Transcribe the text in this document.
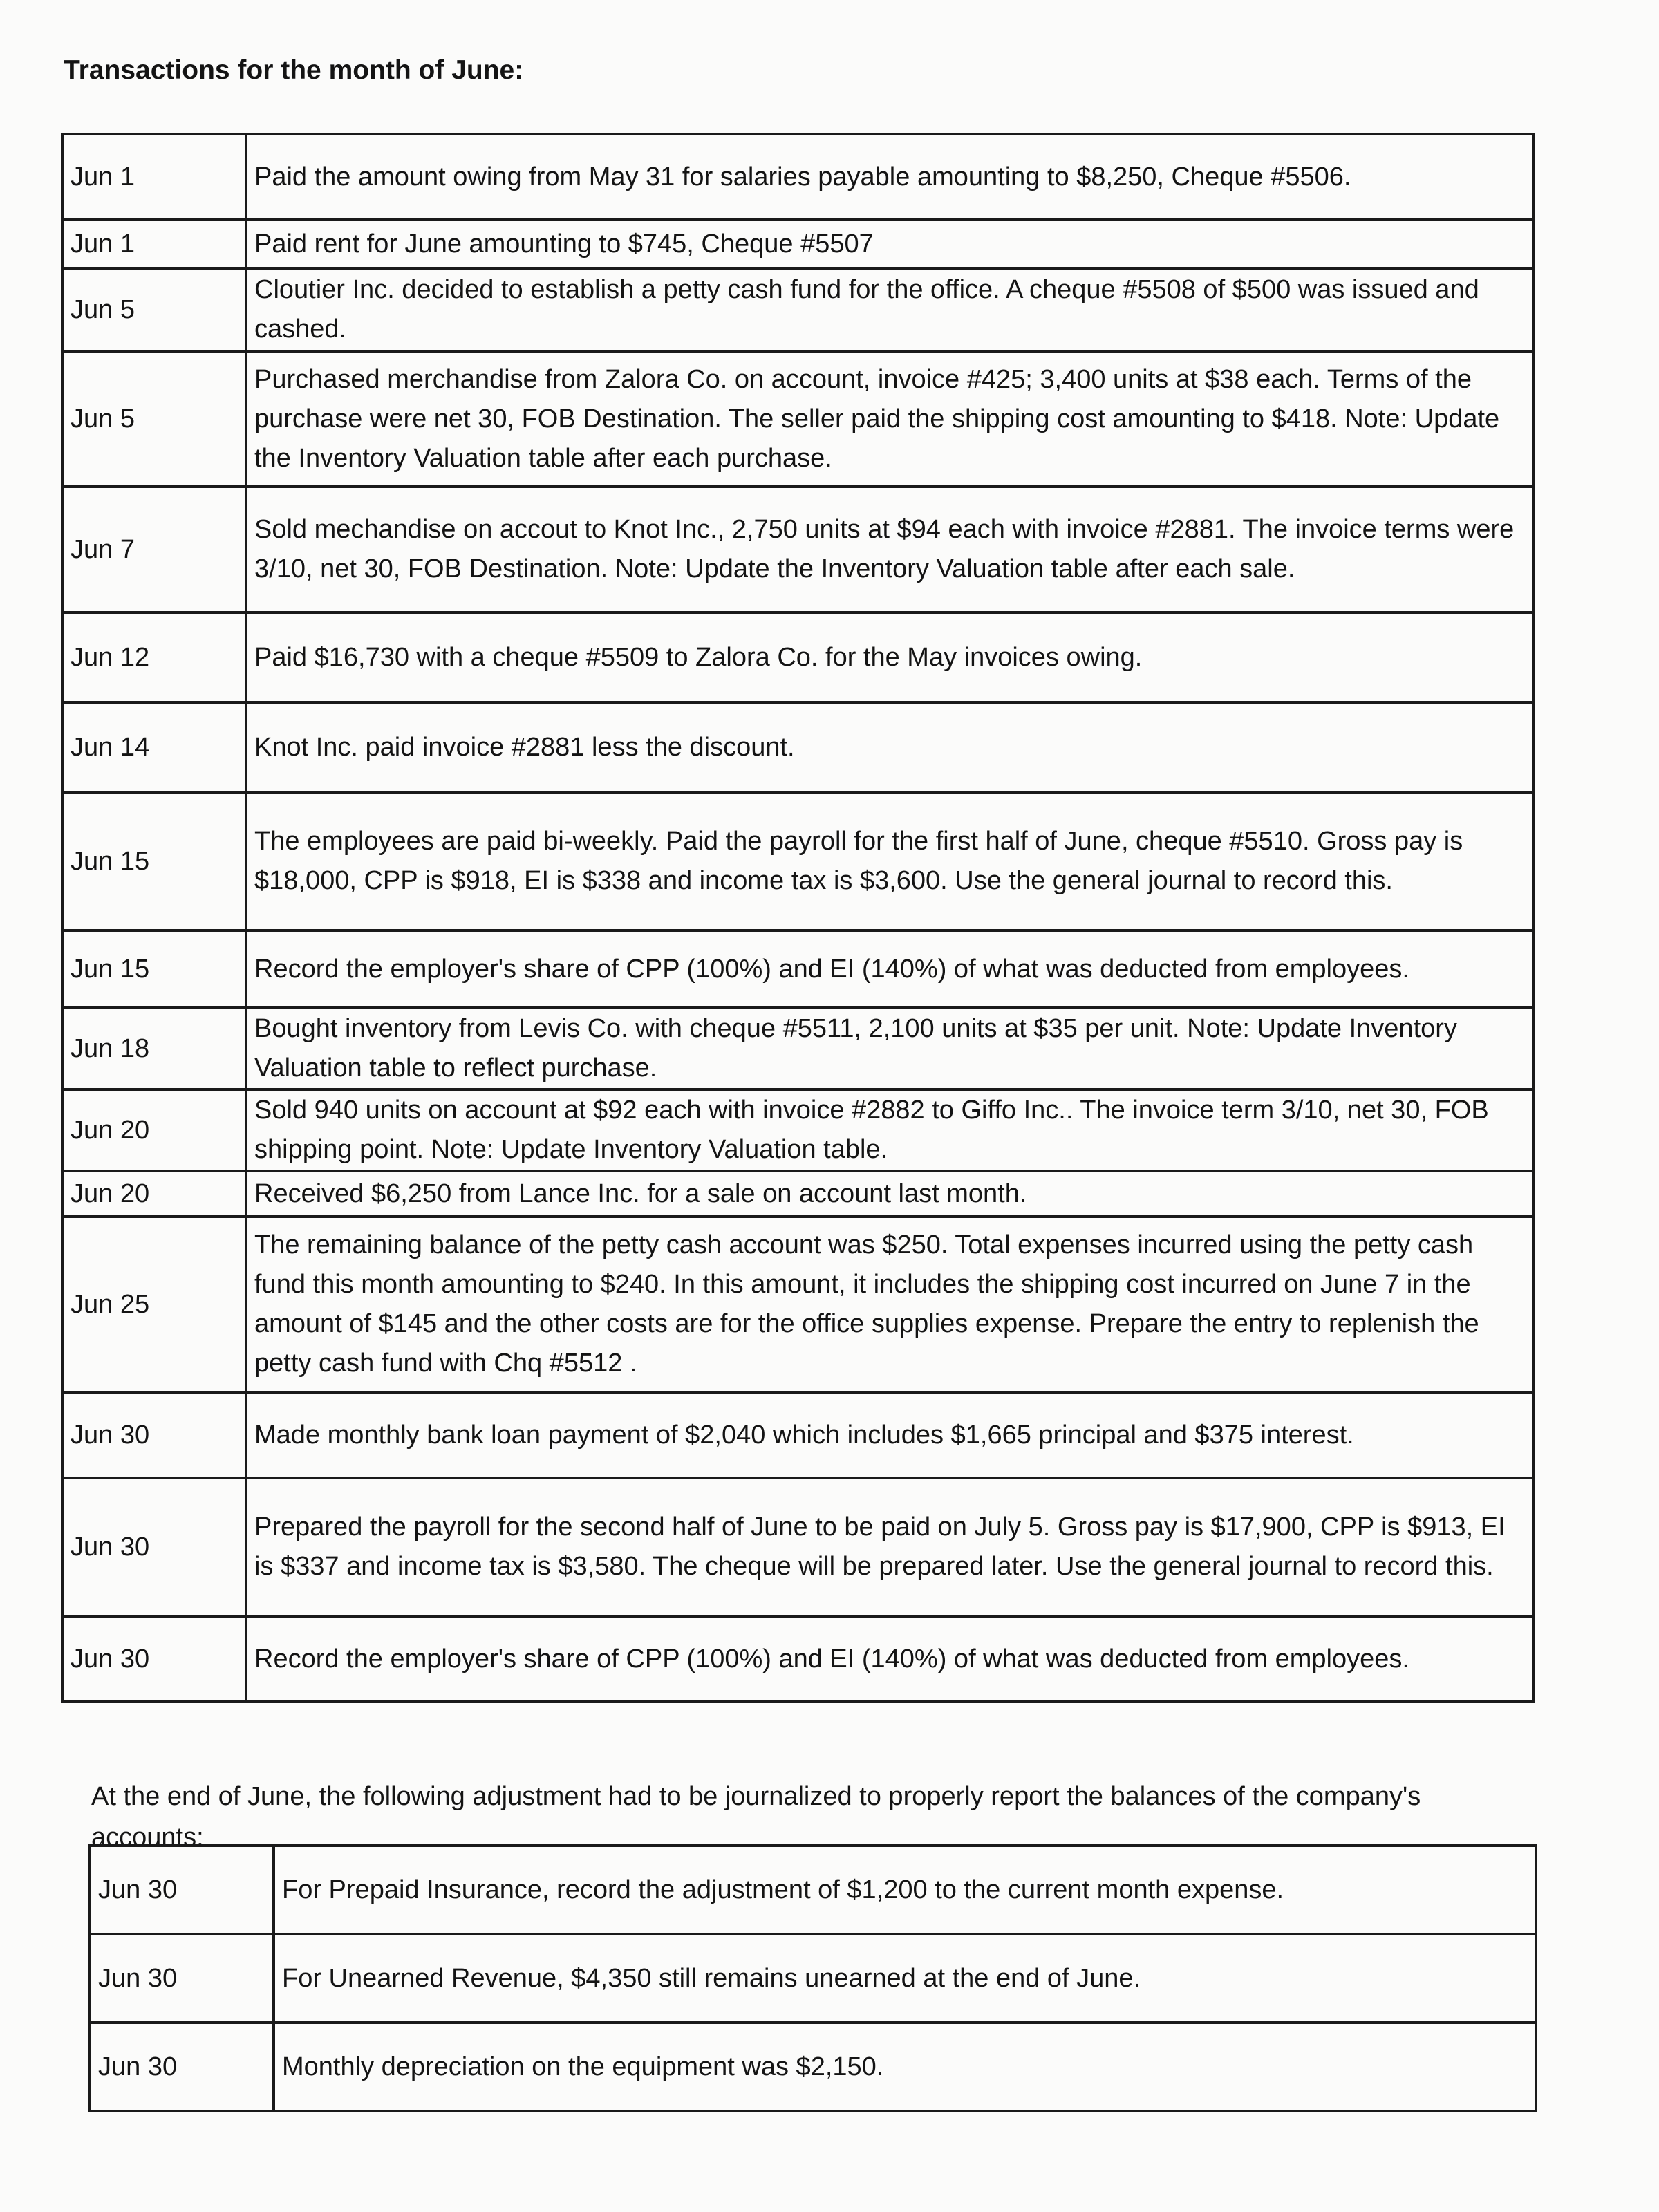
Transactions for the month of June:
Jun 1	Paid the amount owing from May 31 for salaries payable amounting to $8,250, Cheque #5506.
Jun 1	Paid rent for June amounting to $745, Cheque #5507
Jun 5	Cloutier Inc. decided to establish a petty cash fund for the office. A cheque #5508 of $500 was issued and cashed.
Jun 5	Purchased merchandise from Zalora Co. on account, invoice #425; 3,400 units at $38 each. Terms of the purchase were net 30, FOB Destination. The seller paid the shipping cost amounting to $418. Note: Update the Inventory Valuation table after each purchase.
Jun 7	Sold mechandise on accout to Knot Inc., 2,750 units at $94 each with invoice #2881. The invoice terms were 3/10, net 30, FOB Destination. Note: Update the Inventory Valuation table after each sale.
Jun 12	Paid $16,730 with a cheque #5509 to Zalora Co. for the May invoices owing.
Jun 14	Knot Inc. paid invoice #2881 less the discount.
Jun 15	The employees are paid bi-weekly. Paid the payroll for the first half of June, cheque #5510. Gross pay is $18,000, CPP is $918, EI is $338 and income tax is $3,600. Use the general journal to record this.
Jun 15	Record the employer's share of CPP (100%) and EI (140%) of what was deducted from employees.
Jun 18	Bought inventory from Levis Co. with cheque #5511, 2,100 units at $35 per unit. Note: Update Inventory Valuation table to reflect purchase.
Jun 20	Sold 940 units on account at $92 each with invoice #2882 to Giffo Inc.. The invoice term 3/10, net 30, FOB shipping point. Note: Update Inventory Valuation table.
Jun 20	Received $6,250 from Lance Inc. for a sale on account last month.
Jun 25	The remaining balance of the petty cash account was $250. Total expenses incurred using the petty cash fund this month amounting to $240. In this amount, it includes the shipping cost incurred on June 7 in the amount of $145 and the other costs are for the office supplies expense. Prepare the entry to replenish the petty cash fund with Chq #5512 .
Jun 30	Made monthly bank loan payment of $2,040 which includes $1,665 principal and $375 interest.
Jun 30	Prepared the payroll for the second half of June to be paid on July 5. Gross pay is $17,900, CPP is $913, EI is $337 and income tax is $3,580. The cheque will be prepared later. Use the general journal to record this.
Jun 30	Record the employer's share of CPP (100%) and EI (140%) of what was deducted from employees.

At the end of June, the following adjustment had to be journalized to properly report the balances of the company's accounts:

Jun 30	For Prepaid Insurance, record the adjustment of $1,200 to the current month expense.
Jun 30	For Unearned Revenue, $4,350 still remains unearned at the end of June.
Jun 30	Monthly depreciation on the equipment was $2,150.
